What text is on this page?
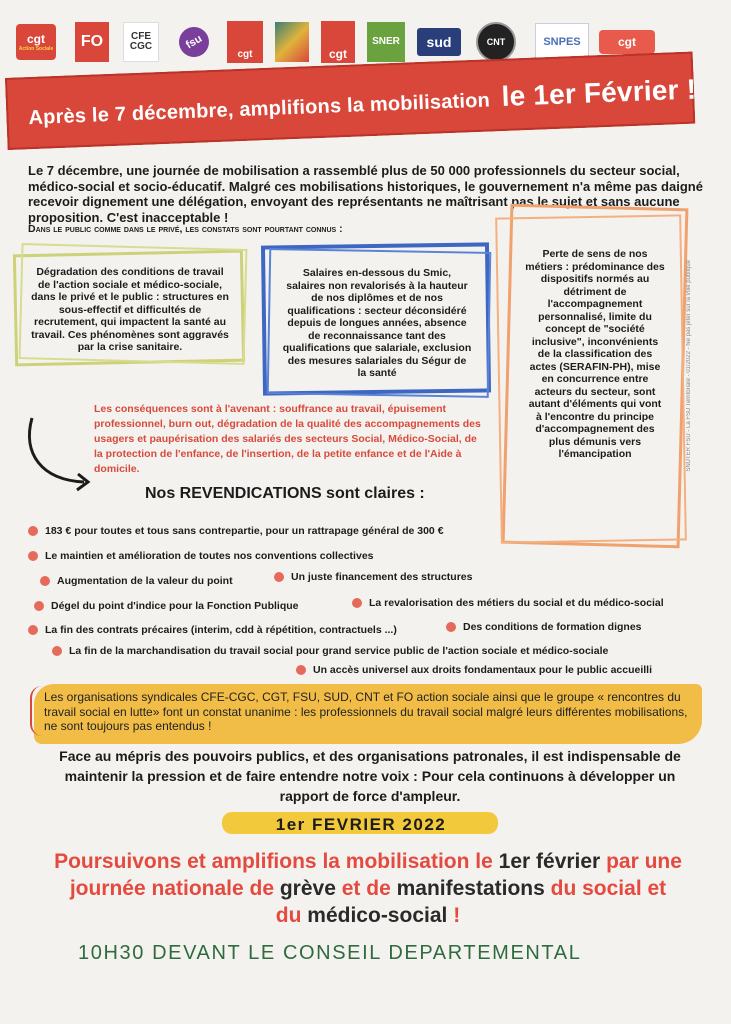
cgt
Action Sociale	FO	CFE CGC	fsu
cgt	cgt
SNER	sud	CNT	SNPES	cgt
Après le 7 décembre, amplifions la mobilisation le 1er Février !
Le 7 décembre, une journée de mobilisation a rassemblé plus de 50 000 professionnels du secteur social, médico-social et socio-éducatif. Malgré ces mobilisations historiques, le gouvernement n'a même pas daigné recevoir dignement une délégation, envoyant des représentants ne maîtrisant pas le sujet et sans aucune proposition. C'est inacceptable !
Dans le public comme dans le privé, les constats sont pourtant connus :
Dégradation des conditions de travail de l'action sociale et médico-sociale, dans le privé et le public : structures en sous-effectif et difficultés de recrutement, qui impactent la santé au travail. Ces phénomènes sont aggravés par la crise sanitaire.
Salaires en-dessous du Smic, salaires non revalorisés à la hauteur de nos diplômes et de nos qualifications : secteur déconsidéré depuis de longues années, absence de reconnaissance tant des qualifications que salariale, exclusion des mesures salariales du Ségur de la santé
Perte de sens de nos métiers : prédominance des dispositifs normés au détriment de l'accompagnement personnalisé, limite du concept de "société inclusive", inconvénients de la classification des actes (SERAFIN-PH), mise en concurrence entre acteurs du secteur, sont autant d'éléments qui vont à l'encontre du principe d'accompagnement des plus démunis vers l'émancipation
Les conséquences sont à l'avenant : souffrance au travail, épuisement professionnel, burn out, dégradation de la qualité des accompagnements des usagers et paupérisation des salariés des secteurs Social, Médico-Social, de la protection de l'enfance, de l'insertion, de la petite enfance et de l'Aide à domicile.
Nos REVENDICATIONS sont claires :
183 € pour toutes et tous sans contrepartie, pour un rattrapage général de 300 €
Le maintien et amélioration de toutes nos conventions collectives
Augmentation de la valeur du point	Un juste financement des structures
Dégel du point d'indice pour la Fonction Publique	La revalorisation des métiers du social et du médico-social
La fin des contrats précaires (interim, cdd à répétition, contractuels ...)	Des conditions de formation dignes
La fin de la marchandisation du travail social pour grand service public de l'action sociale et médico-sociale
Un accès universel aux droits fondamentaux pour le public accueilli
Les organisations syndicales CFE-CGC, CGT, FSU, SUD, CNT et FO action sociale ainsi que le groupe « rencontres du travail social en lutte» font un constat unanime : les professionnels du travail social malgré leurs différentes mobilisations, ne sont toujours pas entendus !
Face au mépris des pouvoirs publics, et des organisations patronales, il est indispensable de maintenir la pression et de faire entendre notre voix : Pour cela continuons à développer un rapport de force d'ampleur.
1er FEVRIER 2022
Poursuivons et amplifions la mobilisation le 1er février par une
journée nationale de grève et de manifestations du social et
du médico-social !
10H30 DEVANT LE CONSEIL DEPARTEMENTAL
SNUTER FSU - La FSU Territoriale - 01/2022 - Ne pas jeter sur la voie publique
